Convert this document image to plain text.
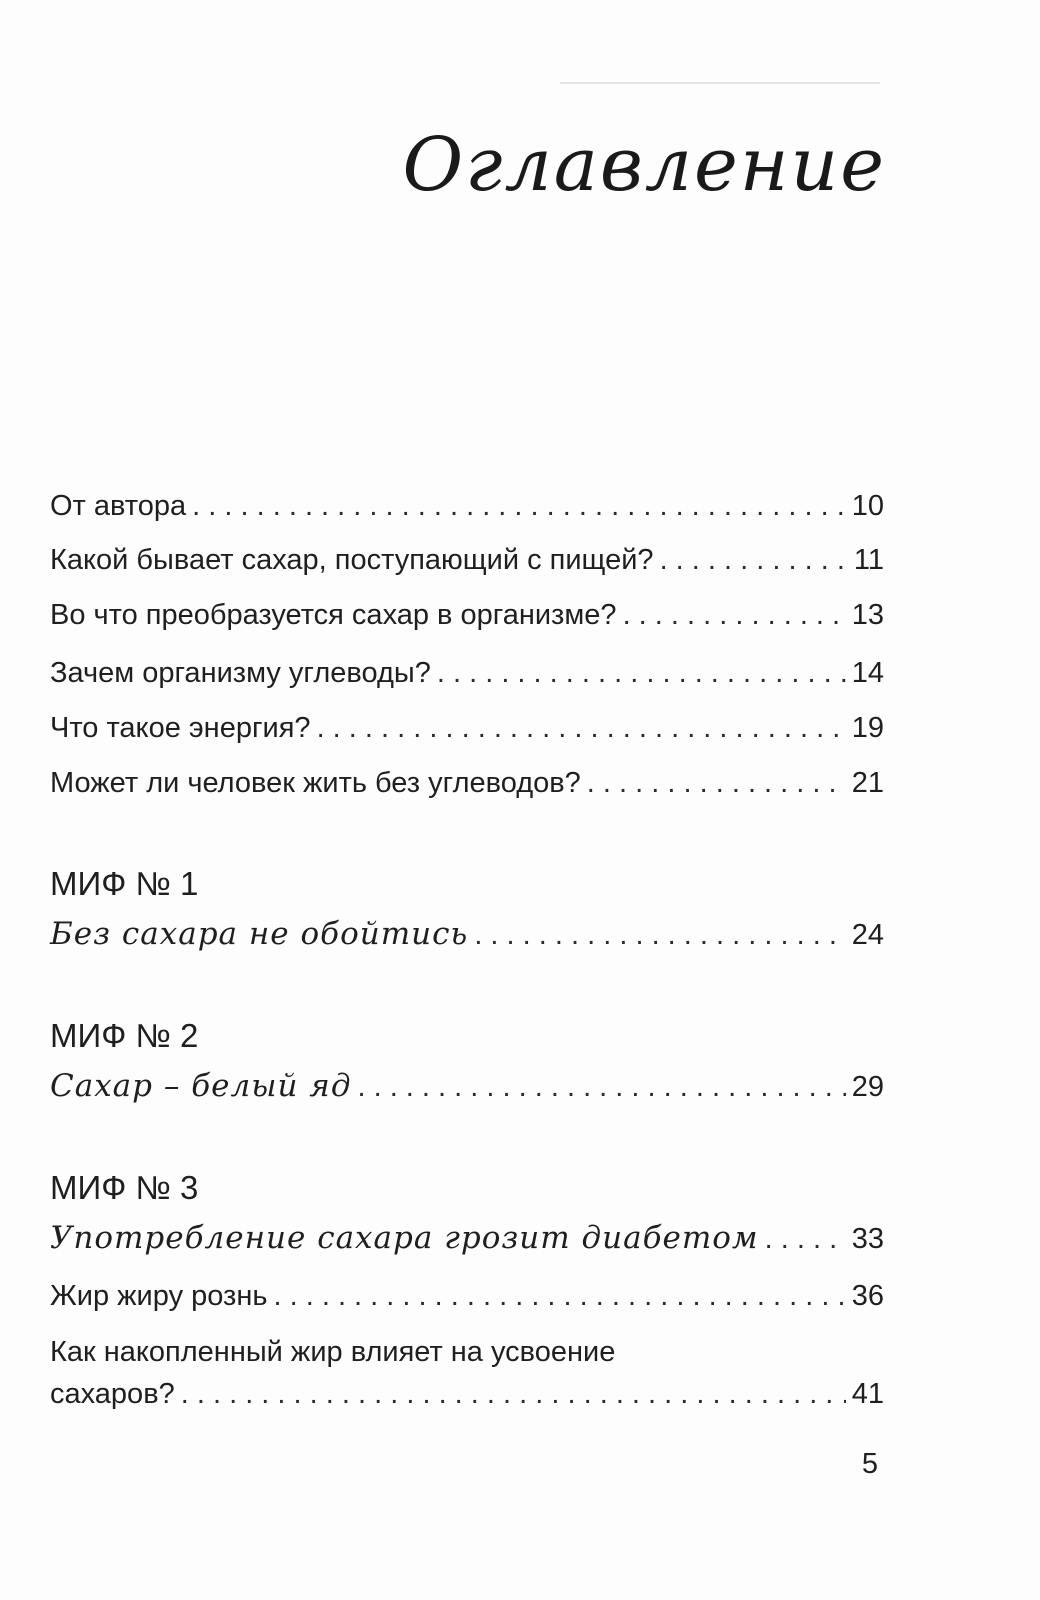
Оглавление
От автора . . .	10
Какой бывает сахар, поступающий с пищей? . . .	11
Во что преобразуется сахар в организме? . . .	13
Зачем организму углеводы? . . .	14
Что такое энергия? . . .	19
Может ли человек жить без углеводов? . . .	21
МИФ № 1
Без сахара не обойтись . . .	24
МИФ № 2
Сахар – белый яд . . .	29
МИФ № 3
Употребление сахара грозит диабетом . . .	33
Жир жиру рознь . . .	36
Как накопленный жир влияет на усвоение
сахаров? . . .	41
5
